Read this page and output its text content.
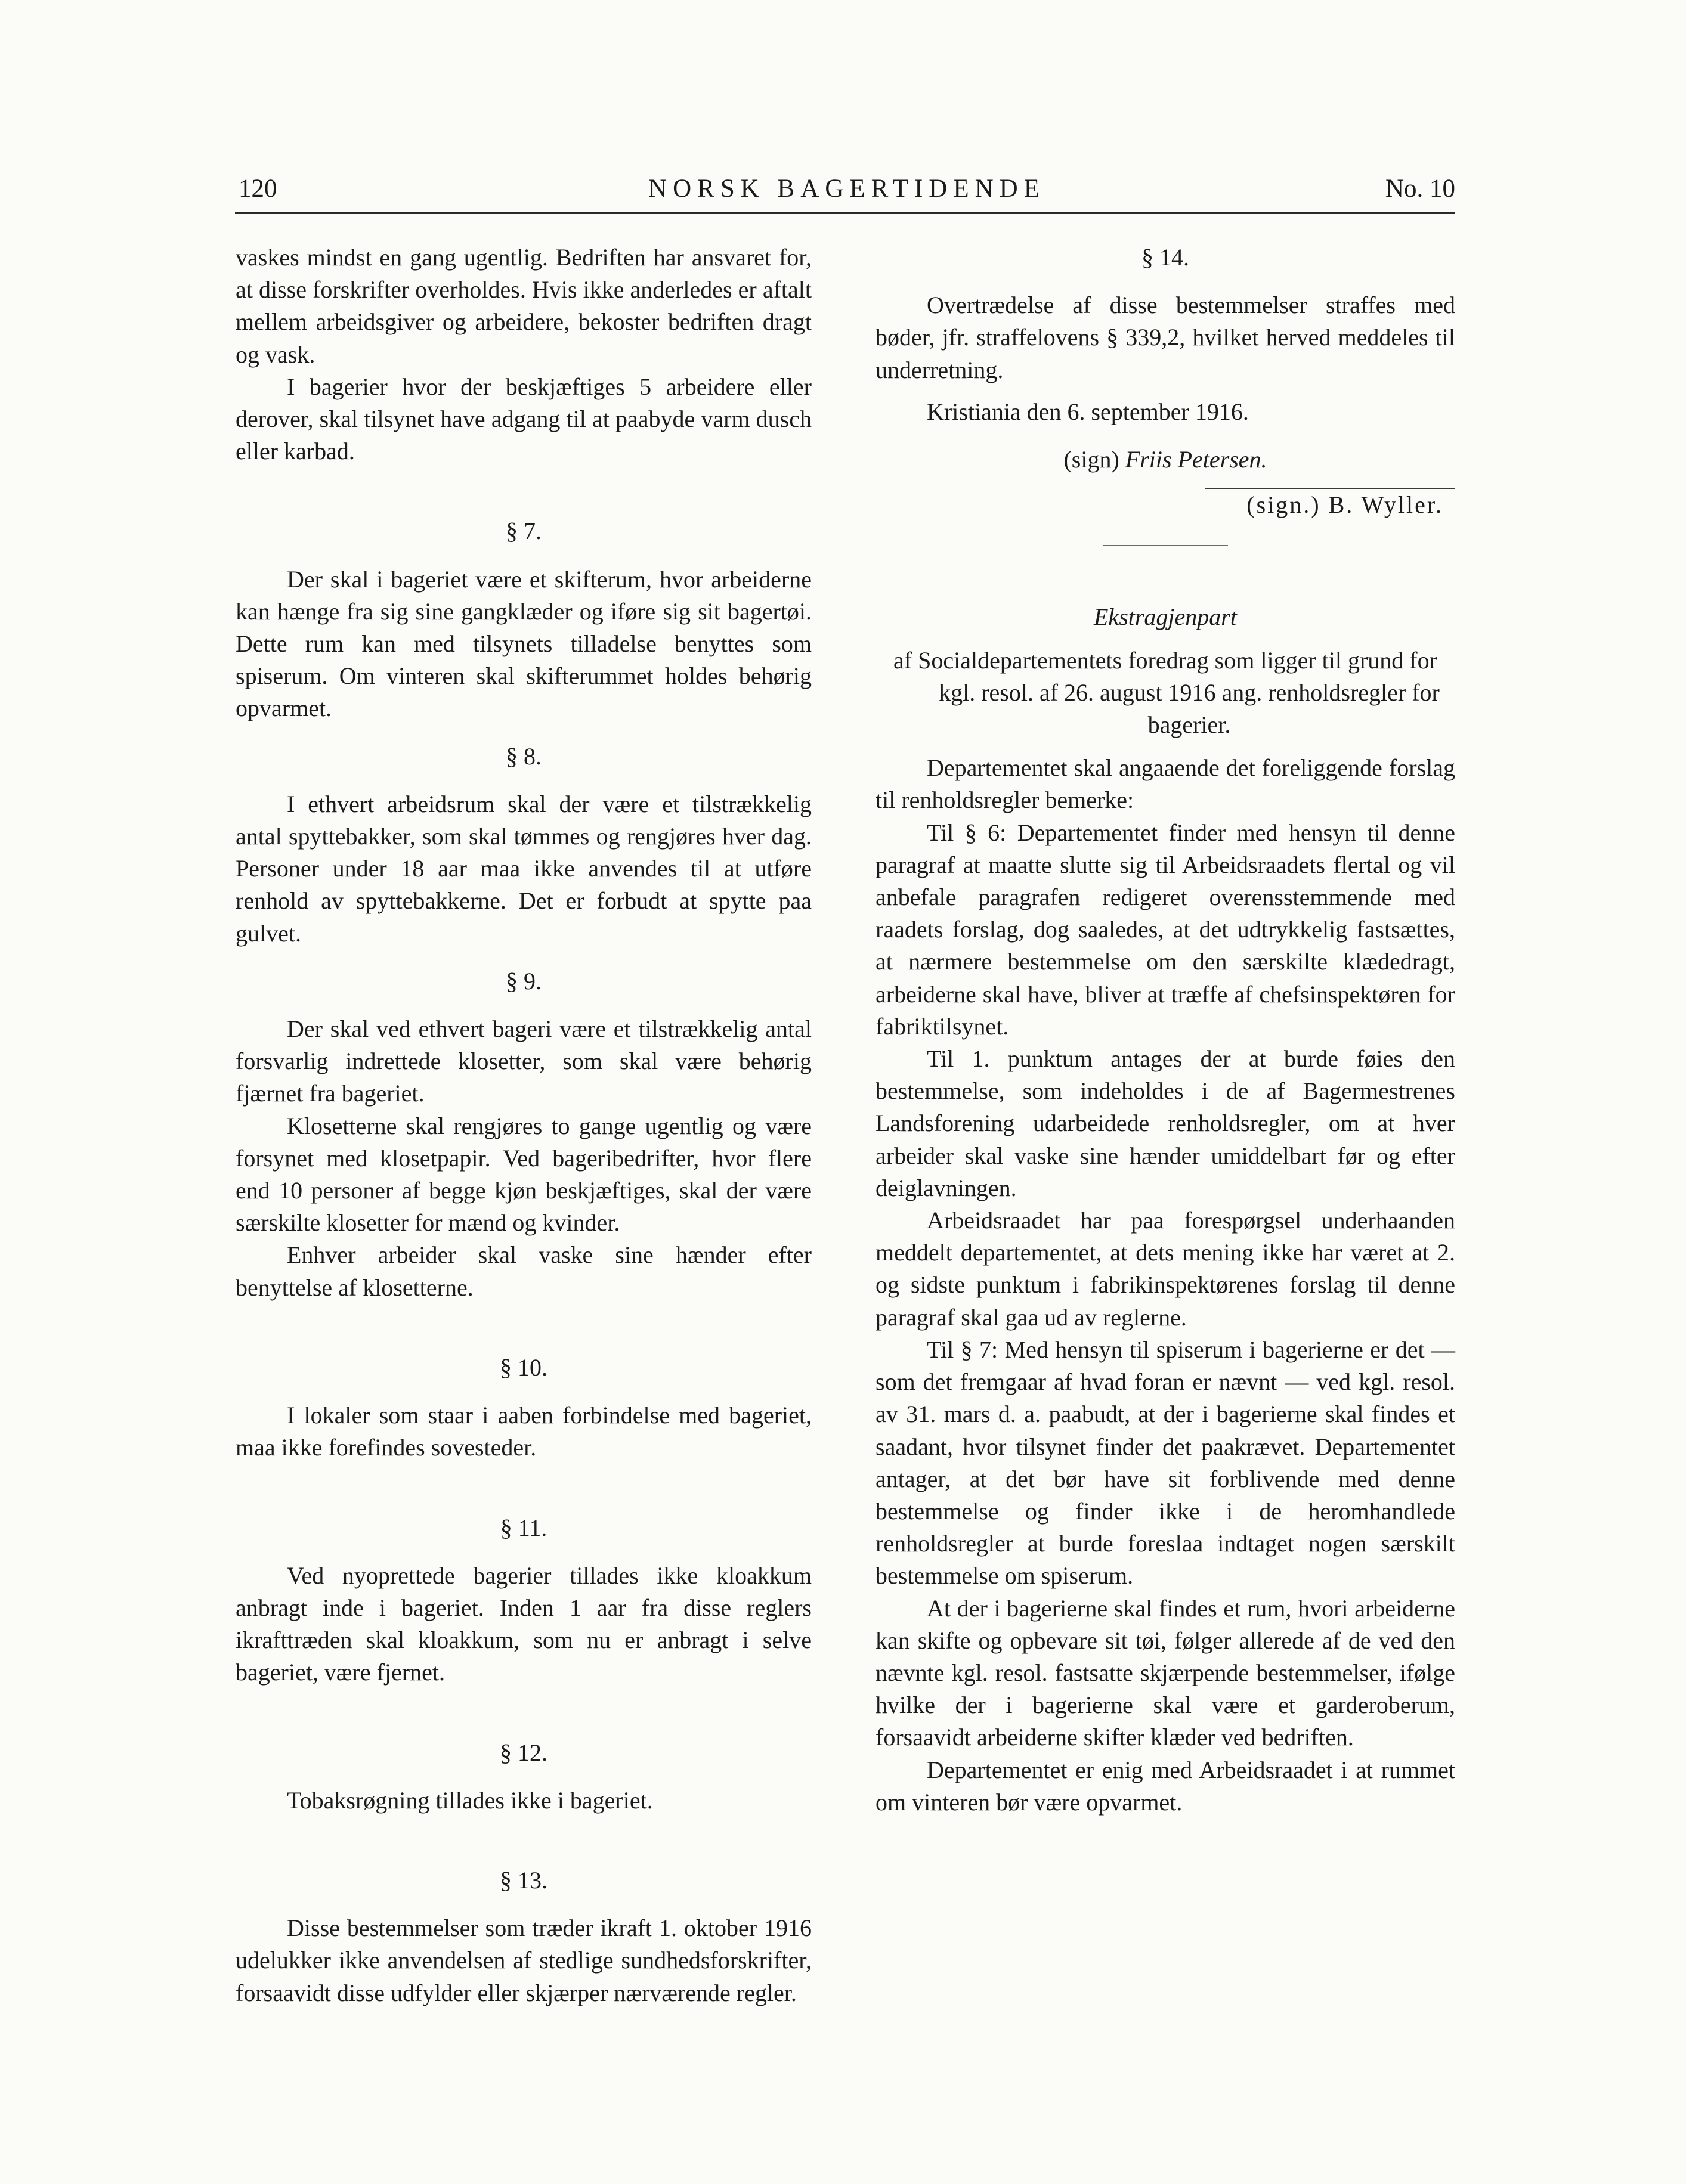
120	NORSK BAGERTIDENDE	No. 10

vaskes mindst en gang ugentlig. Bedriften har ansvaret for, at disse forskrifter overholdes. Hvis ikke anderledes er aftalt mellem arbeidsgiver og arbeidere, bekoster bedriften dragt og vask.

I bagerier hvor der beskjæftiges 5 arbeidere eller derover, skal tilsynet have adgang til at paabyde varm dusch eller karbad.

§ 7.

Der skal i bageriet være et skifterum, hvor arbeiderne kan hænge fra sig sine gangklæder og iføre sig sit bagertøi. Dette rum kan med tilsynets tilladelse benyttes som spiserum. Om vinteren skal skifterummet holdes behørig opvarmet.

§ 8.

I ethvert arbeidsrum skal der være et tilstrækkelig antal spyttebakker, som skal tømmes og rengjøres hver dag. Personer under 18 aar maa ikke anvendes til at utføre renhold av spyttebakkerne. Det er forbudt at spytte paa gulvet.

§ 9.

Der skal ved ethvert bageri være et tilstrækkelig antal forsvarlig indrettede klosetter, som skal være behørig fjærnet fra bageriet.

Klosetterne skal rengjøres to gange ugentlig og være forsynet med klosetpapir. Ved bageribedrifter, hvor flere end 10 personer af begge kjøn beskjæftiges, skal der være særskilte klosetter for mænd og kvinder.

Enhver arbeider skal vaske sine hænder efter benyttelse af klosetterne.

§ 10.

I lokaler som staar i aaben forbindelse med bageriet, maa ikke forefindes sovesteder.

§ 11.

Ved nyoprettede bagerier tillades ikke kloakkum anbragt inde i bageriet. Inden 1 aar fra disse reglers ikrafttræden skal kloakkum, som nu er anbragt i selve bageriet, være fjernet.

§ 12.

Tobaksrøgning tillades ikke i bageriet.

§ 13.

Disse bestemmelser som træder ikraft 1. oktober 1916 udelukker ikke anvendelsen af stedlige sundhedsforskrifter, forsaavidt disse udfylder eller skjærper nærværende regler.

§ 14.

Overtrædelse af disse bestemmelser straffes med bøder, jfr. straffelovens § 339,2, hvilket herved meddeles til underretning.

Kristiania den 6. september 1916.

(sign) Friis Petersen.

(sign.) B. Wyller.

Ekstragjenpart

af Socialdepartementets foredrag som ligger til grund for kgl. resol. af 26. august 1916 ang. renholdsregler for bagerier.

Departementet skal angaaende det foreliggende forslag til renholdsregler bemerke:

Til § 6: Departementet finder med hensyn til denne paragraf at maatte slutte sig til Arbeidsraadets flertal og vil anbefale paragrafen redigeret overensstemmende med raadets forslag, dog saaledes, at det udtrykkelig fastsættes, at nærmere bestemmelse om den særskilte klædedragt, arbeiderne skal have, bliver at træffe af chefsinspektøren for fabriktilsynet.

Til 1. punktum antages der at burde føies den bestemmelse, som indeholdes i de af Bagermestrenes Landsforening udarbeidede renholdsregler, om at hver arbeider skal vaske sine hænder umiddelbart før og efter deiglavningen.

Arbeidsraadet har paa forespørgsel underhaanden meddelt departementet, at dets mening ikke har været at 2. og sidste punktum i fabrikinspektørenes forslag til denne paragraf skal gaa ud av reglerne.

Til § 7: Med hensyn til spiserum i bagerierne er det — som det fremgaar af hvad foran er nævnt — ved kgl. resol. av 31. mars d. a. paabudt, at der i bagerierne skal findes et saadant, hvor tilsynet finder det paakrævet. Departementet antager, at det bør have sit forblivende med denne bestemmelse og finder ikke i de heromhandlede renholdsregler at burde foreslaa indtaget nogen særskilt bestemmelse om spiserum.

At der i bagerierne skal findes et rum, hvori arbeiderne kan skifte og opbevare sit tøi, følger allerede af de ved den nævnte kgl. resol. fastsatte skjærpende bestemmelser, ifølge hvilke der i bagerierne skal være et garderoberum, forsaavidt arbeiderne skifter klæder ved bedriften.

Departementet er enig med Arbeidsraadet i at rummet om vinteren bør være opvarmet.
